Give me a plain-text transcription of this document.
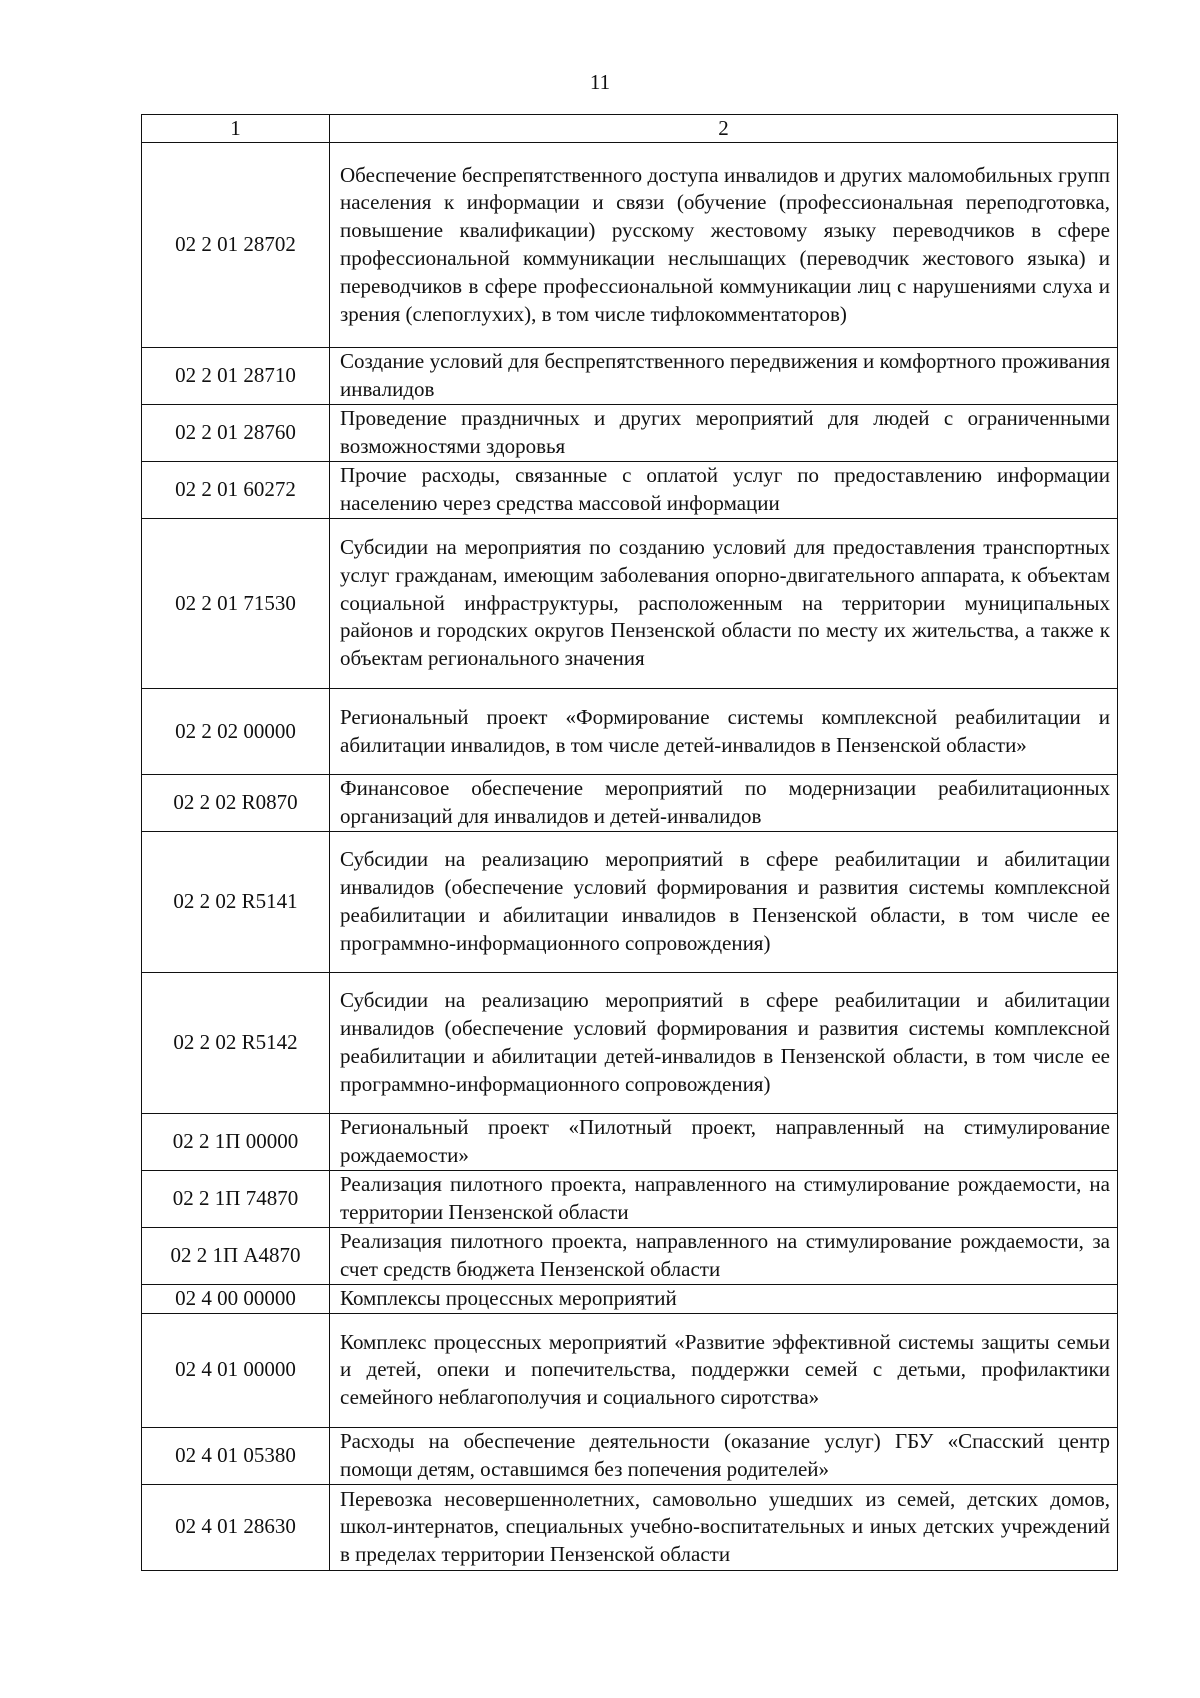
11
1	2
02 2 01 28702	Обеспечение беспрепятственного доступа инвалидов и других маломобильных групп населения к информации и связи (обучение (профессиональная переподготовка, повышение квалификации) русскому жестовому языку переводчиков в сфере профессиональной коммуникации неслышащих (переводчик жестового языка) и переводчиков в сфере профессиональной коммуникации лиц с нарушениями слуха и зрения (слепоглухих), в том числе тифлокомментаторов)
02 2 01 28710	Создание условий для беспрепятственного передвижения и комфортного проживания инвалидов
02 2 01 28760	Проведение праздничных и других мероприятий для людей с ограниченными возможностями здоровья
02 2 01 60272	Прочие расходы, связанные с оплатой услуг по предоставлению информации населению через средства массовой информации
02 2 01 71530	Субсидии на мероприятия по созданию условий для предоставления транспортных услуг гражданам, имеющим заболевания опорно-двигательного аппарата, к объектам социальной инфраструктуры, расположенным на территории муниципальных районов и городских округов Пензенской области по месту их жительства, а также к объектам регионального значения
02 2 02 00000	Региональный проект «Формирование системы комплексной реабилитации и абилитации инвалидов, в том числе детей-инвалидов в Пензенской области»
02 2 02 R0870	Финансовое обеспечение мероприятий по модернизации реабилитационных организаций для инвалидов и детей-инвалидов
02 2 02 R5141	Субсидии на реализацию мероприятий в сфере реабилитации и абилитации инвалидов (обеспечение условий формирования и развития системы комплексной реабилитации и абилитации инвалидов в Пензенской области, в том числе ее программно-информационного сопровождения)
02 2 02 R5142	Субсидии на реализацию мероприятий в сфере реабилитации и абилитации инвалидов (обеспечение условий формирования и развития системы комплексной реабилитации и абилитации детей-инвалидов в Пензенской области, в том числе ее программно-информационного сопровождения)
02 2 1П 00000	Региональный проект «Пилотный проект, направленный на стимулирование рождаемости»
02 2 1П 74870	Реализация пилотного проекта, направленного на стимулирование рождаемости, на территории Пензенской области
02 2 1П А4870	Реализация пилотного проекта, направленного на стимулирование рождаемости, за счет средств бюджета Пензенской области
02 4 00 00000	Комплексы процессных мероприятий
02 4 01 00000	Комплекс процессных мероприятий «Развитие эффективной системы защиты семьи и детей, опеки и попечительства, поддержки семей с детьми, профилактики семейного неблагополучия и социального сиротства»
02 4 01 05380	Расходы на обеспечение деятельности (оказание услуг) ГБУ «Спасский центр помощи детям, оставшимся без попечения родителей»
02 4 01 28630	Перевозка несовершеннолетних, самовольно ушедших из семей, детских домов, школ-интернатов, специальных учебно-воспитательных и иных детских учреждений в пределах территории Пензенской области
